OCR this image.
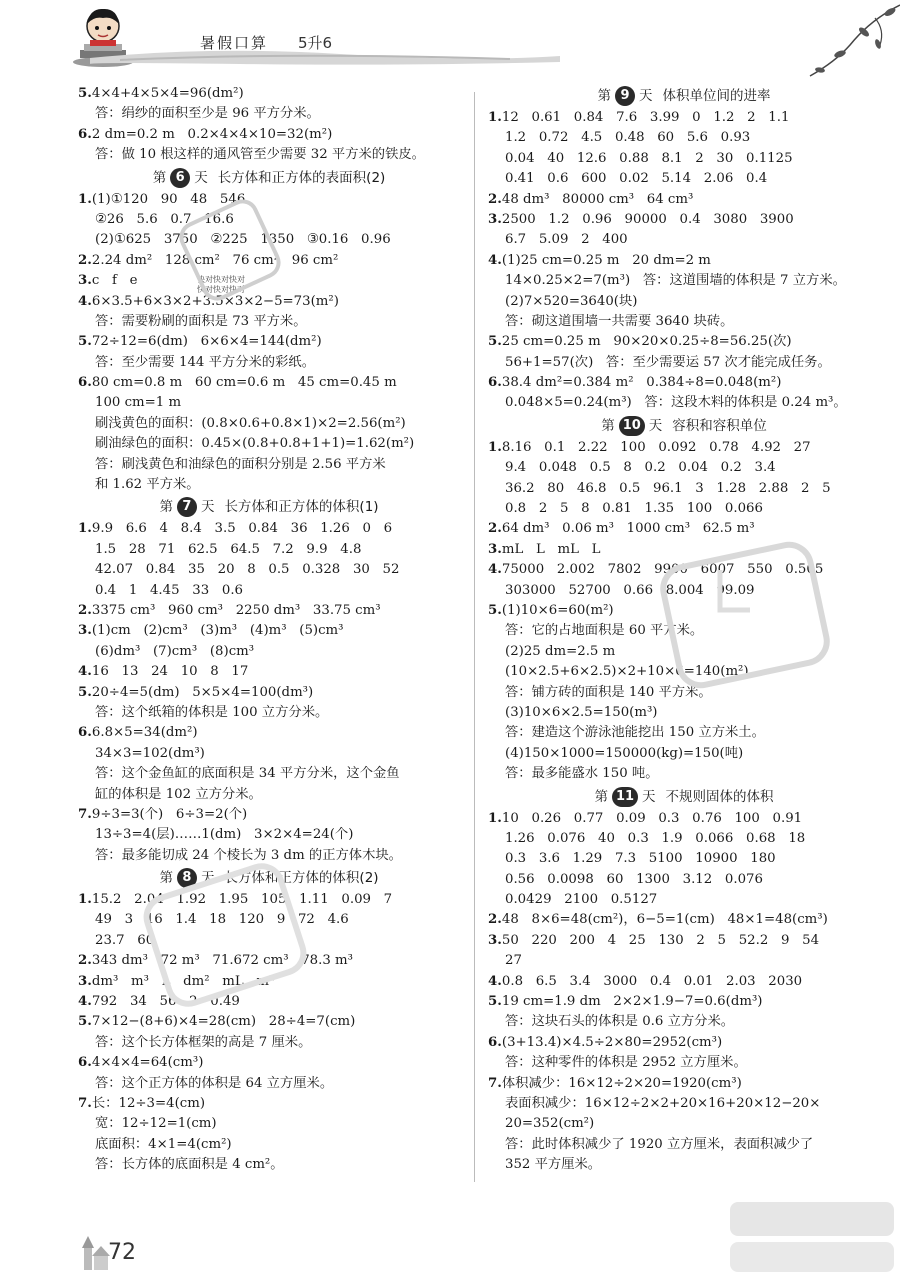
暑假口算 5升6
5.4×4+4×5×4=96(dm²)
答：绢纱的面积至少是 96 平方分米。
6.2 dm=0.2 m   0.2×4×4×10=32(m²)
答：做 10 根这样的通风管至少需要 32 平方米的铁皮。
第 6 天 长方体和正方体的表面积(2)
1.(1)①120   90   48   546
②26   5.6   0.7   16.6
(2)①625   3750   ②225   1350   ③0.16   0.96
2.2.24 dm²   128 cm²   76 cm²   96 cm²
3.c   f   e
4.6×3.5+6×3×2+3.5×3×2−5=73(m²)
答：需要粉刷的面积是 73 平方米。
5.72÷12=6(dm)   6×6×4=144(dm²)
答：至少需要 144 平方分米的彩纸。
6.80 cm=0.8 m   60 cm=0.6 m   45 cm=0.45 m
100 cm=1 m
刷浅黄色的面积：(0.8×0.6+0.8×1)×2=2.56(m²)
刷油绿色的面积：0.45×(0.8+0.8+1+1)=1.62(m²)
答：刷浅黄色和油绿色的面积分别是 2.56 平方米
和 1.62 平方米。
第 7 天 长方体和正方体的体积(1)
1.9.9   6.6   4   8.4   3.5   0.84   36   1.26   0   6
1.5   28   71   62.5   64.5   7.2   9.9   4.8
42.07   0.84   35   20   8   0.5   0.328   30   52
0.4   1   4.45   33   0.6
2.3375 cm³   960 cm³   2250 dm³   33.75 cm³
3.(1)cm   (2)cm³   (3)m³   (4)m³   (5)cm³
(6)dm³   (7)cm³   (8)cm³
4.16   13   24   10   8   17
5.20÷4=5(dm)   5×5×4=100(dm³)
答：这个纸箱的体积是 100 立方分米。
6.6.8×5=34(dm²)
34×3=102(dm³)
答：这个金鱼缸的底面积是 34 平方分米，这个金鱼
缸的体积是 102 立方分米。
7.9÷3=3(个)   6÷3=2(个)
13÷3=4(层)……1(dm)   3×2×4=24(个)
答：最多能切成 24 个棱长为 3 dm 的正方体木块。
第 8 天 长方体和正方体的体积(2)
1.15.2   2.04   1.92   1.95   105   1.11   0.09   7
49   3   16   1.4   18   120   9   72   4.6
23.7   60
2.343 dm³   72 m³   71.672 cm³   78.3 m³
3.dm³   m³   L   dm²   mL   m²
4.792   34   56   2   0.49
5.7×12−(8+6)×4=28(cm)   28÷4=7(cm)
答：这个长方体框架的高是 7 厘米。
6.4×4×4=64(cm³)
答：这个正方体的体积是 64 立方厘米。
7.长：12÷3=4(cm)
宽：12÷12=1(cm)
底面积：4×1=4(cm²)
答：长方体的底面积是 4 cm²。
第 9 天 体积单位间的进率
1.12   0.61   0.84   7.6   3.99   0   1.2   2   1.1
1.2   0.72   4.5   0.48   60   5.6   0.93
0.04   40   12.6   0.88   8.1   2   30   0.1125
0.41   0.6   600   0.02   5.14   2.06   0.4
2.48 dm³   80000 cm³   64 cm³
3.2500   1.2   0.96   90000   0.4   3080   3900
6.7   5.09   2   400
4.(1)25 cm=0.25 m   20 dm=2 m
14×0.25×2=7(m³)   答：这道围墙的体积是 7 立方米。
(2)7×520=3640(块)
答：砌这道围墙一共需要 3640 块砖。
5.25 cm=0.25 m   90×20×0.25÷8=56.25(次)
56+1=57(次)   答：至少需要运 57 次才能完成任务。
6.38.4 dm²=0.384 m²   0.384÷8=0.048(m²)
0.048×5=0.24(m³)   答：这段木料的体积是 0.24 m³。
第 10 天 容积和容积单位
1.8.16   0.1   2.22   100   0.092   0.78   4.92   27
9.4   0.048   0.5   8   0.2   0.04   0.2   3.4
36.2   80   46.8   0.5   96.1   3   1.28   2.88   2   5
0.8   2   5   8   0.81   1.35   100   0.066
2.64 dm³   0.06 m³   1000 cm³   62.5 m³
3.mL   L   mL   L
4.75000   2.002   7802   9900   6007   550   0.505
303000   52700   0.66   8.004   99.09
5.(1)10×6=60(m²)
答：它的占地面积是 60 平方米。
(2)25 dm=2.5 m
(10×2.5+6×2.5)×2+10×6=140(m²)
答：铺方砖的面积是 140 平方米。
(3)10×6×2.5=150(m³)
答：建造这个游泳池能挖出 150 立方米土。
(4)150×1000=150000(kg)=150(吨)
答：最多能盛水 150 吨。
第 11 天 不规则固体的体积
1.10   0.26   0.77   0.09   0.3   0.76   100   0.91
1.26   0.076   40   0.3   1.9   0.066   0.68   18
0.3   3.6   1.29   7.3   5100   10900   180
0.56   0.0098   60   1300   3.12   0.076
0.0429   2100   0.5127
2.48   8×6=48(cm²)，6−5=1(cm)   48×1=48(cm³)
3.50   220   200   4   25   130   2   5   52.2   9   54
27
4.0.8   6.5   3.4   3000   0.4   0.01   2.03   2030
5.19 cm=1.9 dm   2×2×1.9−7=0.6(dm³)
答：这块石头的体积是 0.6 立方分米。
6.(3+13.4)×4.5÷2×80=2952(cm³)
答：这种零件的体积是 2952 立方厘米。
7.体积减少：16×12÷2×20=1920(cm³)
表面积减少：16×12÷2×2+20×16+20×12−20×
20=352(cm²)
答：此时体积减少了 1920 立方厘米，表面积减少了
352 平方厘米。
快对快对快对
快对快对快对
72
